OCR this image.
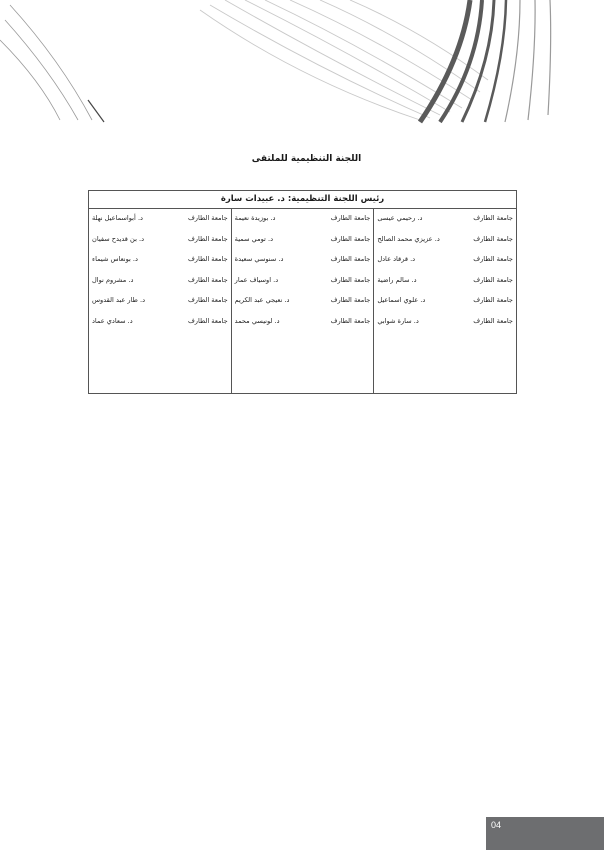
اللجنة التنظيمية للملتقى
رئيس اللجنة التنظيمية: د. عبيدات سارة
د. رحيمي عيسى	جامعة الطارف
د. عزيزي محمد الصالح	جامعة الطارف
د. قرقاد عادل	جامعة الطارف
د. سالم راضية	جامعة الطارف
د. علوي اسماعيل	جامعة الطارف
د. سارة شوابي	جامعة الطارف
د. بوزيدة نعيمة	جامعة الطارف
د. تومي سمية	جامعة الطارف
د. سنوسي سعيدة	جامعة الطارف
د. اوسياف عمار	جامعة الطارف
د. نعيجي عبد الكريم	جامعة الطارف
د. لونيسي محمد	جامعة الطارف
د. أبواسماعيل نهلة	جامعة الطارف
د. بن قديدح سفيان	جامعة الطارف
د. بونعاس شيماء	جامعة الطارف
د. مشروم نوال	جامعة الطارف
د. طار عبد القدوس	جامعة الطارف
د. سعادي عماد	جامعة الطارف
04
